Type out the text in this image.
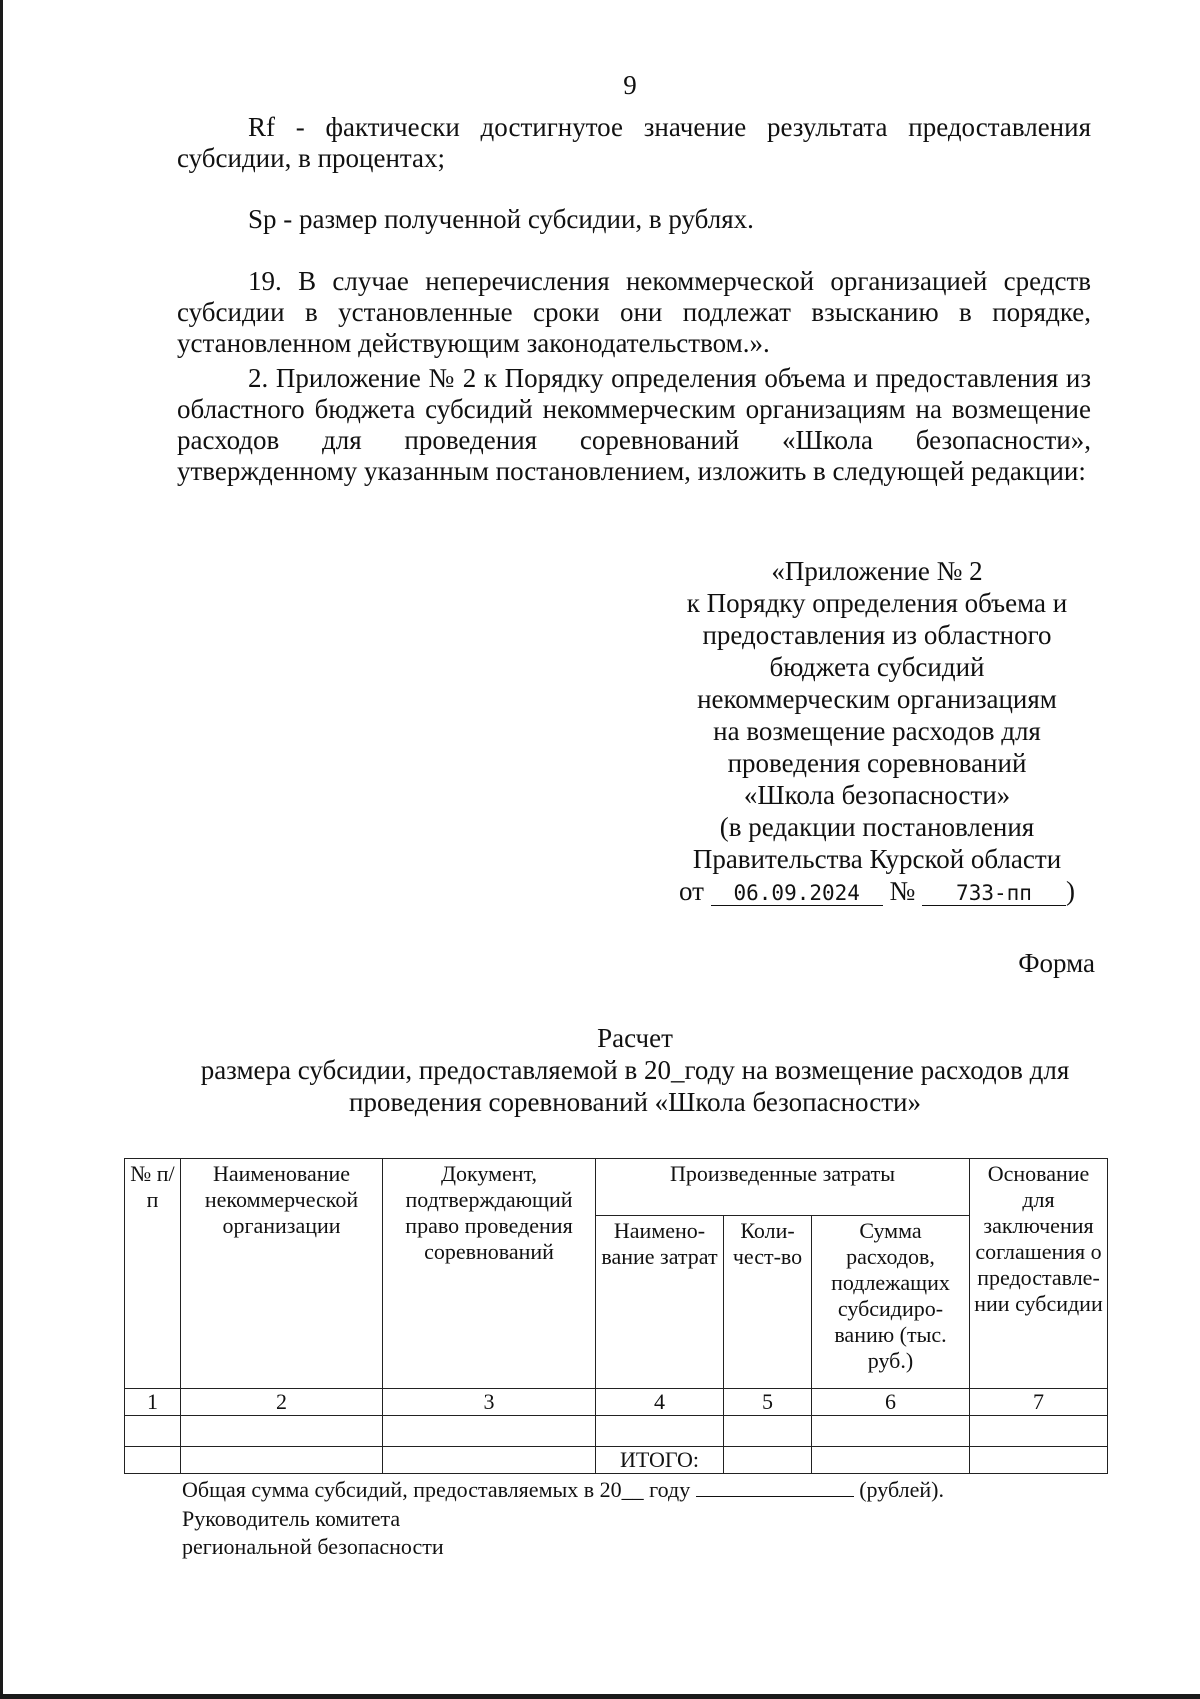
9
Rf - фактически достигнутое значение результата предоставления субсидии, в процентах;
Sp - размер полученной субсидии, в рублях.
19. В случае неперечисления некоммерческой организацией средств субсидии в установленные сроки они подлежат взысканию в порядке, установленном действующим законодательством.».
2. Приложение № 2 к Порядку определения объема и предоставления из областного бюджета субсидий некоммерческим организациям на возмещение расходов для проведения соревнований «Школа безопасности», утвержденному указанным постановлением, изложить в следующей редакции:
«Приложение № 2
к Порядку определения объема и
предоставления из областного
бюджета субсидий
некоммерческим организациям
на возмещение расходов для
проведения соревнований
«Школа безопасности»
(в редакции постановления
Правительства Курской области
от 06.09.2024 № 733-пп )
Форма
Расчет
размера субсидии, предоставляемой в 20_году на возмещение расходов для
проведения соревнований «Школа безопасности»
№ п/п	Наименование некоммерческой организации	Документ, подтверждающий право проведения соревнований	Произведенные затраты			Основание для заключения соглашения о предоставле-нии субсидии
			Наимено-вание затрат	Коли-чест-во	Сумма расходов, подлежащих субсидиро-ванию (тыс. руб.)	
1	2	3	4	5	6	7

			ИТОГО:			
Общая сумма субсидий, предоставляемых в 20__ году	(рублей).
Руководитель комитета
региональной безопасности
